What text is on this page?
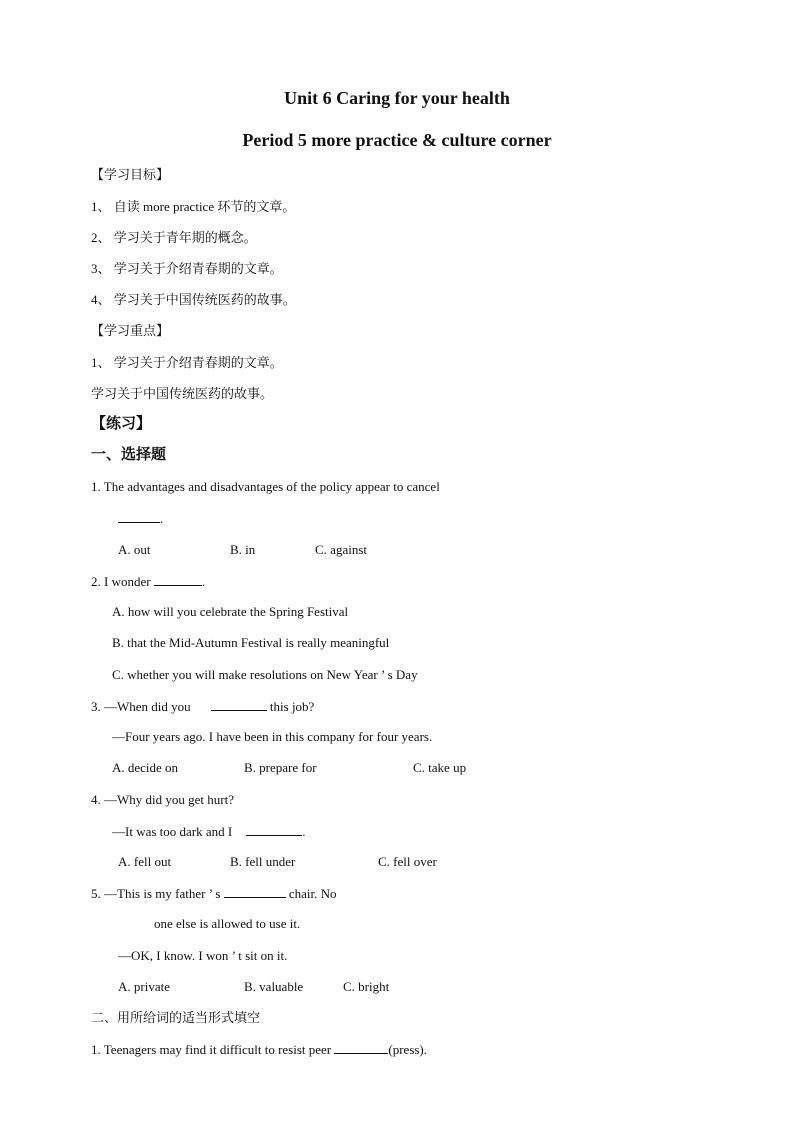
Unit 6 Caring for your health
Period 5 more practice & culture corner
【学习目标】
1、 自读 more practice 环节的文章。
2、 学习关于青年期的概念。
3、 学习关于介绍青春期的文章。
4、 学习关于中国传统医药的故事。
【学习重点】
1、 学习关于介绍青春期的文章。
学习关于中国传统医药的故事。
【练习】
一、选择题
1. The advantages and disadvantages of the policy appear to cancel
.
A. out	B. in	C. against
2. I wonder	.
A. how will you celebrate the Spring Festival
B. that the Mid-Autumn Festival is really meaningful
C. whether you will make resolutions on New Year ’ s Day
3. —When did you	this job?
—Four years ago. I have been in this company for four years.
A. decide on	B. prepare for	C. take up
4. —Why did you get hurt?
—It was too dark and I	.
A. fell out	B. fell under	C. fell over
5. —This is my father ’ s	chair. No
one else is allowed to use it.
—OK, I know. I won ’ t sit on it.
A. private	B. valuable	C. bright
二、用所给词的适当形式填空
1. Teenagers may find it difficult to resist peer	(press).
